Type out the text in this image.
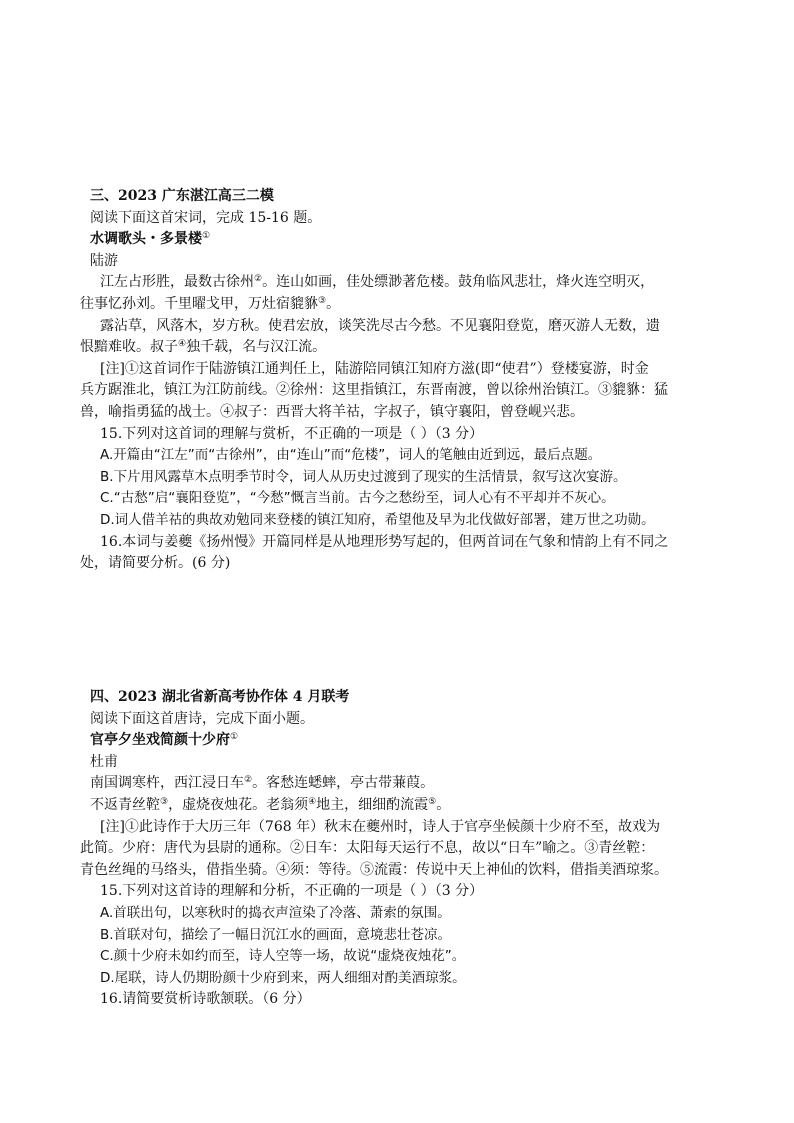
三、2023 广东湛江高三二模
阅读下面这首宋词，完成 15-16 题。
水调歌头・多景楼①
陆游
江左占形胜，最数古徐州②。连山如画，佳处缥渺著危楼。鼓角临风悲壮，烽火连空明灭，
往事忆孙刘。千里曜戈甲，万灶宿貔貅③。
露沾草，风落木，岁方秋。使君宏放，谈笑洗尽古今愁。不见襄阳登览，磨灭游人无数，遗
恨黯难收。叔子④独千载，名与汉江流。
[注]①这首词作于陆游镇江通判任上，陆游陪同镇江知府方滋(即“使君”）登楼宴游，时金
兵方踞淮北，镇江为江防前线。②徐州：这里指镇江，东晋南渡，曾以徐州治镇江。③貔貅：猛
兽，喻指勇猛的战士。④叔子：西晋大将羊祜，字叔子，镇守襄阳，曾登岘兴悲。
15.下列对这首词的理解与赏析，不正确的一项是（ ）（3 分）
A.开篇由“江左”而“古徐州”，由“连山”而“危楼”，词人的笔触由近到远，最后点题。
B.下片用风露草木点明季节时令，词人从历史过渡到了现实的生活情景，叙写这次宴游。
C.“古愁”启“襄阳登览”，“今愁”慨言当前。古今之愁纷至，词人心有不平却并不灰心。
D.词人借羊祜的典故劝勉同来登楼的镇江知府，希望他及早为北伐做好部署，建万世之功勋。
16.本词与姜夔《扬州慢》开篇同样是从地理形势写起的，但两首词在气象和情韵上有不同之
处，请简要分析。(6 分)
四、2023 湖北省新高考协作体 4 月联考
阅读下面这首唐诗，完成下面小题。
官亭夕坐戏简颜十少府①
杜甫
南国调寒杵，西江浸日车②。客愁连蟋蟀，亭古带蒹葭。
不返青丝鞚③，虚烧夜烛花。老翁须④地主，细细酌流霞⑤。
[注]①此诗作于大历三年（768 年）秋末在夔州时，诗人于官亭坐候颜十少府不至，故戏为
此简。少府：唐代为县尉的通称。②日车：太阳每天运行不息，故以“日车”喻之。③青丝鞚：
青色丝绳的马络头，借指坐骑。④须：等待。⑤流霞：传说中天上神仙的饮料，借指美酒琼浆。
15.下列对这首诗的理解和分析，不正确的一项是（ ）（3 分）
A.首联出句，以寒秋时的捣衣声渲染了冷落、萧索的氛围。
B.首联对句，描绘了一幅日沉江水的画面，意境悲壮苍凉。
C.颜十少府未如约而至，诗人空等一场，故说“虚烧夜烛花”。
D.尾联，诗人仍期盼颜十少府到来，两人细细对酌美酒琼浆。
16.请简要赏析诗歌颔联。（6 分）
